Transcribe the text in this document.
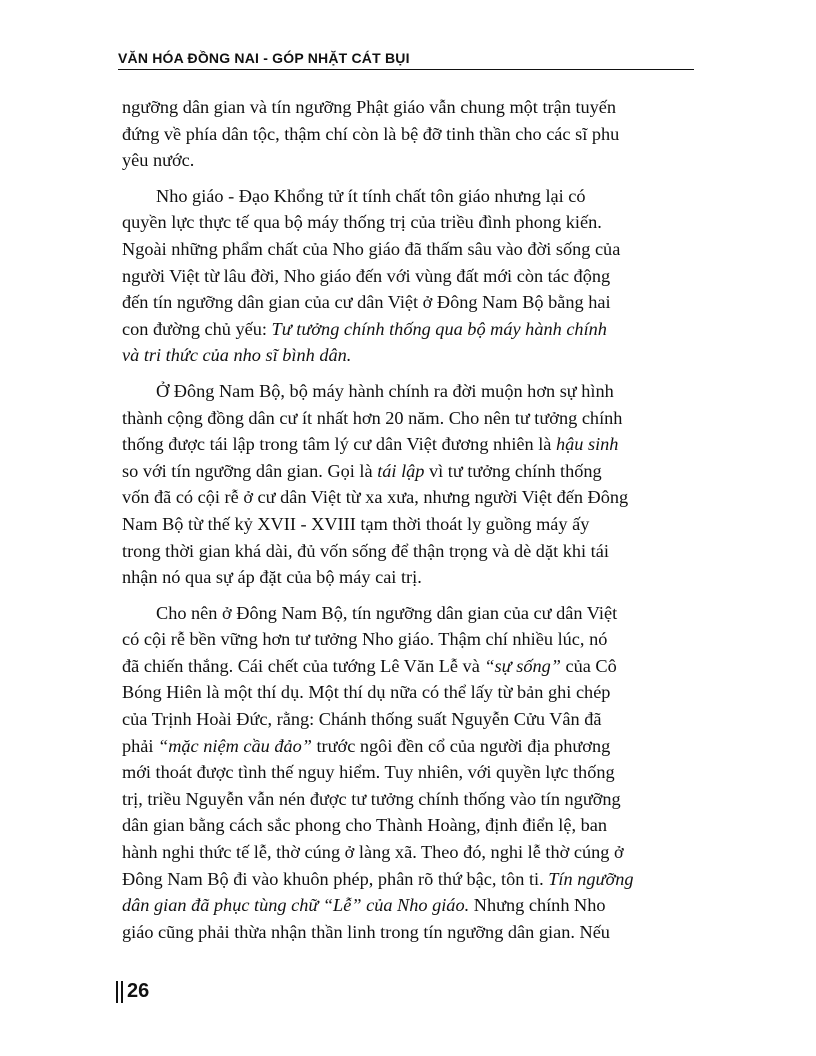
VĂN HÓA ĐỒNG NAI - GÓP NHẶT CÁT BỤI

ngưỡng dân gian và tín ngưỡng Phật giáo vẫn chung một trận tuyến
đứng về phía dân tộc, thậm chí còn là bệ đỡ tinh thần cho các sĩ phu
yêu nước.

Nho giáo - Đạo Khổng tử ít tính chất tôn giáo nhưng lại có
quyền lực thực tế qua bộ máy thống trị của triều đình phong kiến.
Ngoài những phẩm chất của Nho giáo đã thấm sâu vào đời sống của
người Việt từ lâu đời, Nho giáo đến với vùng đất mới còn tác động
đến tín ngưỡng dân gian của cư dân Việt ở Đông Nam Bộ bằng hai
con đường chủ yếu: Tư tưởng chính thống qua bộ máy hành chính
và tri thức của nho sĩ bình dân.

Ở Đông Nam Bộ, bộ máy hành chính ra đời muộn hơn sự hình
thành cộng đồng dân cư ít nhất hơn 20 năm. Cho nên tư tưởng chính
thống được tái lập trong tâm lý cư dân Việt đương nhiên là hậu sinh
so với tín ngưỡng dân gian. Gọi là tái lập vì tư tưởng chính thống
vốn đã có cội rễ ở cư dân Việt từ xa xưa, nhưng người Việt đến Đông
Nam Bộ từ thế kỷ XVII - XVIII tạm thời thoát ly guồng máy ấy
trong thời gian khá dài, đủ vốn sống để thận trọng và dè dặt khi tái
nhận nó qua sự áp đặt của bộ máy cai trị.

Cho nên ở Đông Nam Bộ, tín ngưỡng dân gian của cư dân Việt
có cội rễ bền vững hơn tư tưởng Nho giáo. Thậm chí nhiều lúc, nó
đã chiến thắng. Cái chết của tướng Lê Văn Lễ và “sự sống” của Cô
Bóng Hiên là một thí dụ. Một thí dụ nữa có thể lấy từ bản ghi chép
của Trịnh Hoài Đức, rằng: Chánh thống suất Nguyễn Cửu Vân đã
phải “mặc niệm cầu đảo” trước ngôi đền cổ của người địa phương
mới thoát được tình thế nguy hiểm. Tuy nhiên, với quyền lực thống
trị, triều Nguyễn vẫn nén được tư tưởng chính thống vào tín ngưỡng
dân gian bằng cách sắc phong cho Thành Hoàng, định điển lệ, ban
hành nghi thức tế lễ, thờ cúng ở làng xã. Theo đó, nghi lễ thờ cúng ở
Đông Nam Bộ đi vào khuôn phép, phân rõ thứ bậc, tôn ti. Tín ngưỡng
dân gian đã phục tùng chữ “Lễ” của Nho giáo. Nhưng chính Nho
giáo cũng phải thừa nhận thần linh trong tín ngưỡng dân gian. Nếu

26
